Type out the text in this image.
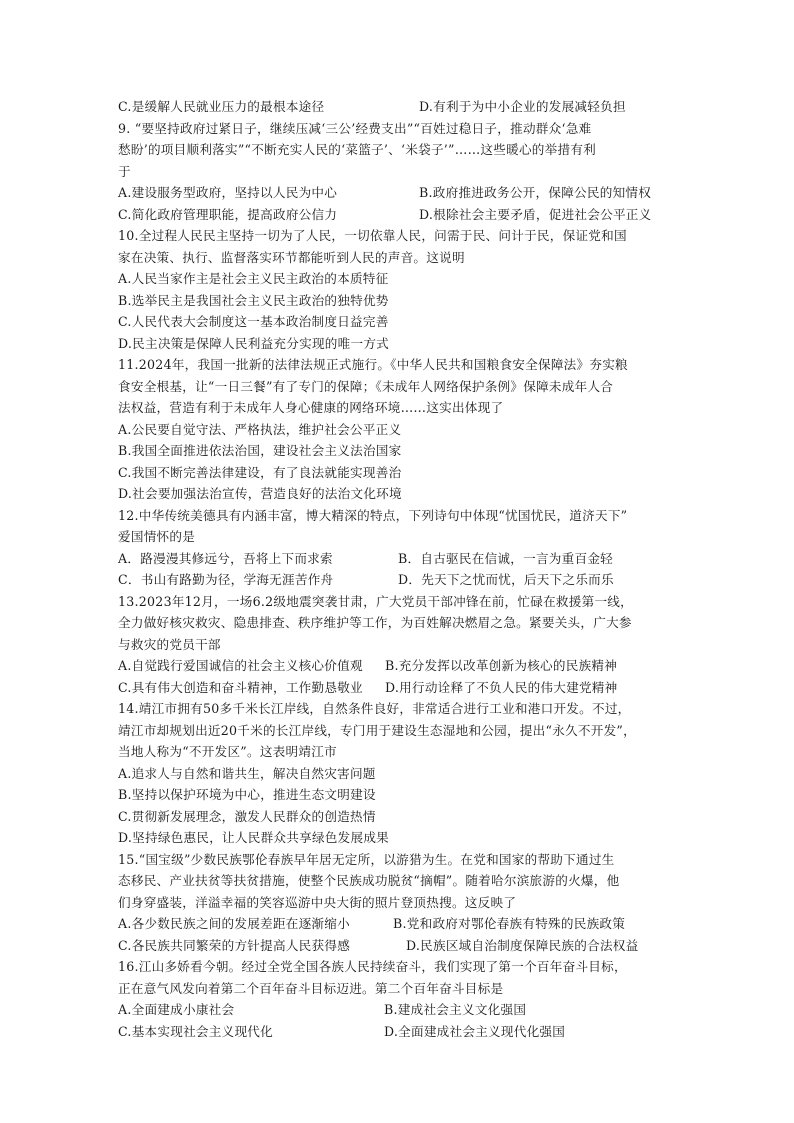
C.是缓解人民就业压力的最根本途径	D.有利于为中小企业的发展减轻负担
9. “要坚持政府过紧日子，继续压减‘三公’经费支出”“百姓过稳日子，推动群众‘急难
愁盼’的项目顺利落实”“不断充实人民的‘菜篮子’、‘米袋子’”……这些暖心的举措有利
于
A.建设服务型政府，坚持以人民为中心	B.政府推进政务公开，保障公民的知情权
C.简化政府管理职能，提高政府公信力	D.根除社会主要矛盾，促进社会公平正义
10.全过程人民民主坚持一切为了人民，一切依靠人民，问需于民、问计于民，保证党和国
家在决策、执行、监督落实环节都能听到人民的声音。这说明
A.人民当家作主是社会主义民主政治的本质特征
B.选举民主是我国社会主义民主政治的独特优势
C.人民代表大会制度这一基本政治制度日益完善
D.民主决策是保障人民利益充分实现的唯一方式
11.2024年，我国一批新的法律法规正式施行。《中华人民共和国粮食安全保障法》夯实粮
食安全根基，让“一日三餐”有了专门的保障；《未成年人网络保护条例》保障未成年人合
法权益，营造有利于未成年人身心健康的网络环境……这实出体现了
A.公民要自觉守法、严格执法，维护社会公平正义
B.我国全面推进依法治国，建设社会主义法治国家
C.我国不断完善法律建设，有了良法就能实现善治
D.社会要加强法治宣传，营造良好的法治文化环境
12.中华传统美德具有内涵丰富，博大精深的特点，下列诗句中体现“忧国忧民，道济天下”
爱国情怀的是
A．路漫漫其修远兮，吾将上下而求索	B．自古驱民在信诚，一言为重百金轻
C．书山有路勤为径，学海无涯苦作舟	D．先天下之忧而忧，后天下之乐而乐
13.2023年12月，一场6.2级地震突袭甘肃，广大党员干部冲锋在前，忙碌在救援第一线，
全力做好核灾救灾、隐患排查、秩序维护等工作，为百姓解决燃眉之急。紧要关头，广大参
与救灾的党员干部
A.自觉践行爱国诚信的社会主义核心价值观	B.充分发挥以改革创新为核心的民族精神
C.具有伟大创造和奋斗精神，工作勤恳敬业	D.用行动诠释了不负人民的伟大建党精神
14.靖江市拥有50多千米长江岸线，自然条件良好，非常适合进行工业和港口开发。不过，
靖江市却规划出近20千米的长江岸线，专门用于建设生态湿地和公园，提出“永久不开发”，
当地人称为“不开发区”。这表明靖江市
A.追求人与自然和谐共生，解决自然灾害问题
B.坚持以保护环境为中心，推进生态文明建设
C.贯彻新发展理念，激发人民群众的创造热情
D.坚持绿色惠民，让人民群众共享绿色发展成果
15.“国宝级”少数民族鄂伦春族早年居无定所，以游猎为生。在党和国家的帮助下通过生
态移民、产业扶贫等扶贫措施，使整个民族成功脱贫“摘帽”。随着哈尔滨旅游的火爆，他
们身穿盛装，洋溢幸福的笑容巡游中央大街的照片登顶热搜。这反映了
A.各少数民族之间的发展差距在逐渐缩小	B.党和政府对鄂伦春族有特殊的民族政策
C.各民族共同繁荣的方针提高人民获得感	D.民族区域自治制度保障民族的合法权益
16.江山多娇看今朝。经过全党全国各族人民持续奋斗，我们实现了第一个百年奋斗目标，
正在意气风发向着第二个百年奋斗目标迈进。第二个百年奋斗目标是
A.全面建成小康社会	B.建成社会主义文化强国
C.基本实现社会主义现代化	D.全面建成社会主义现代化强国
